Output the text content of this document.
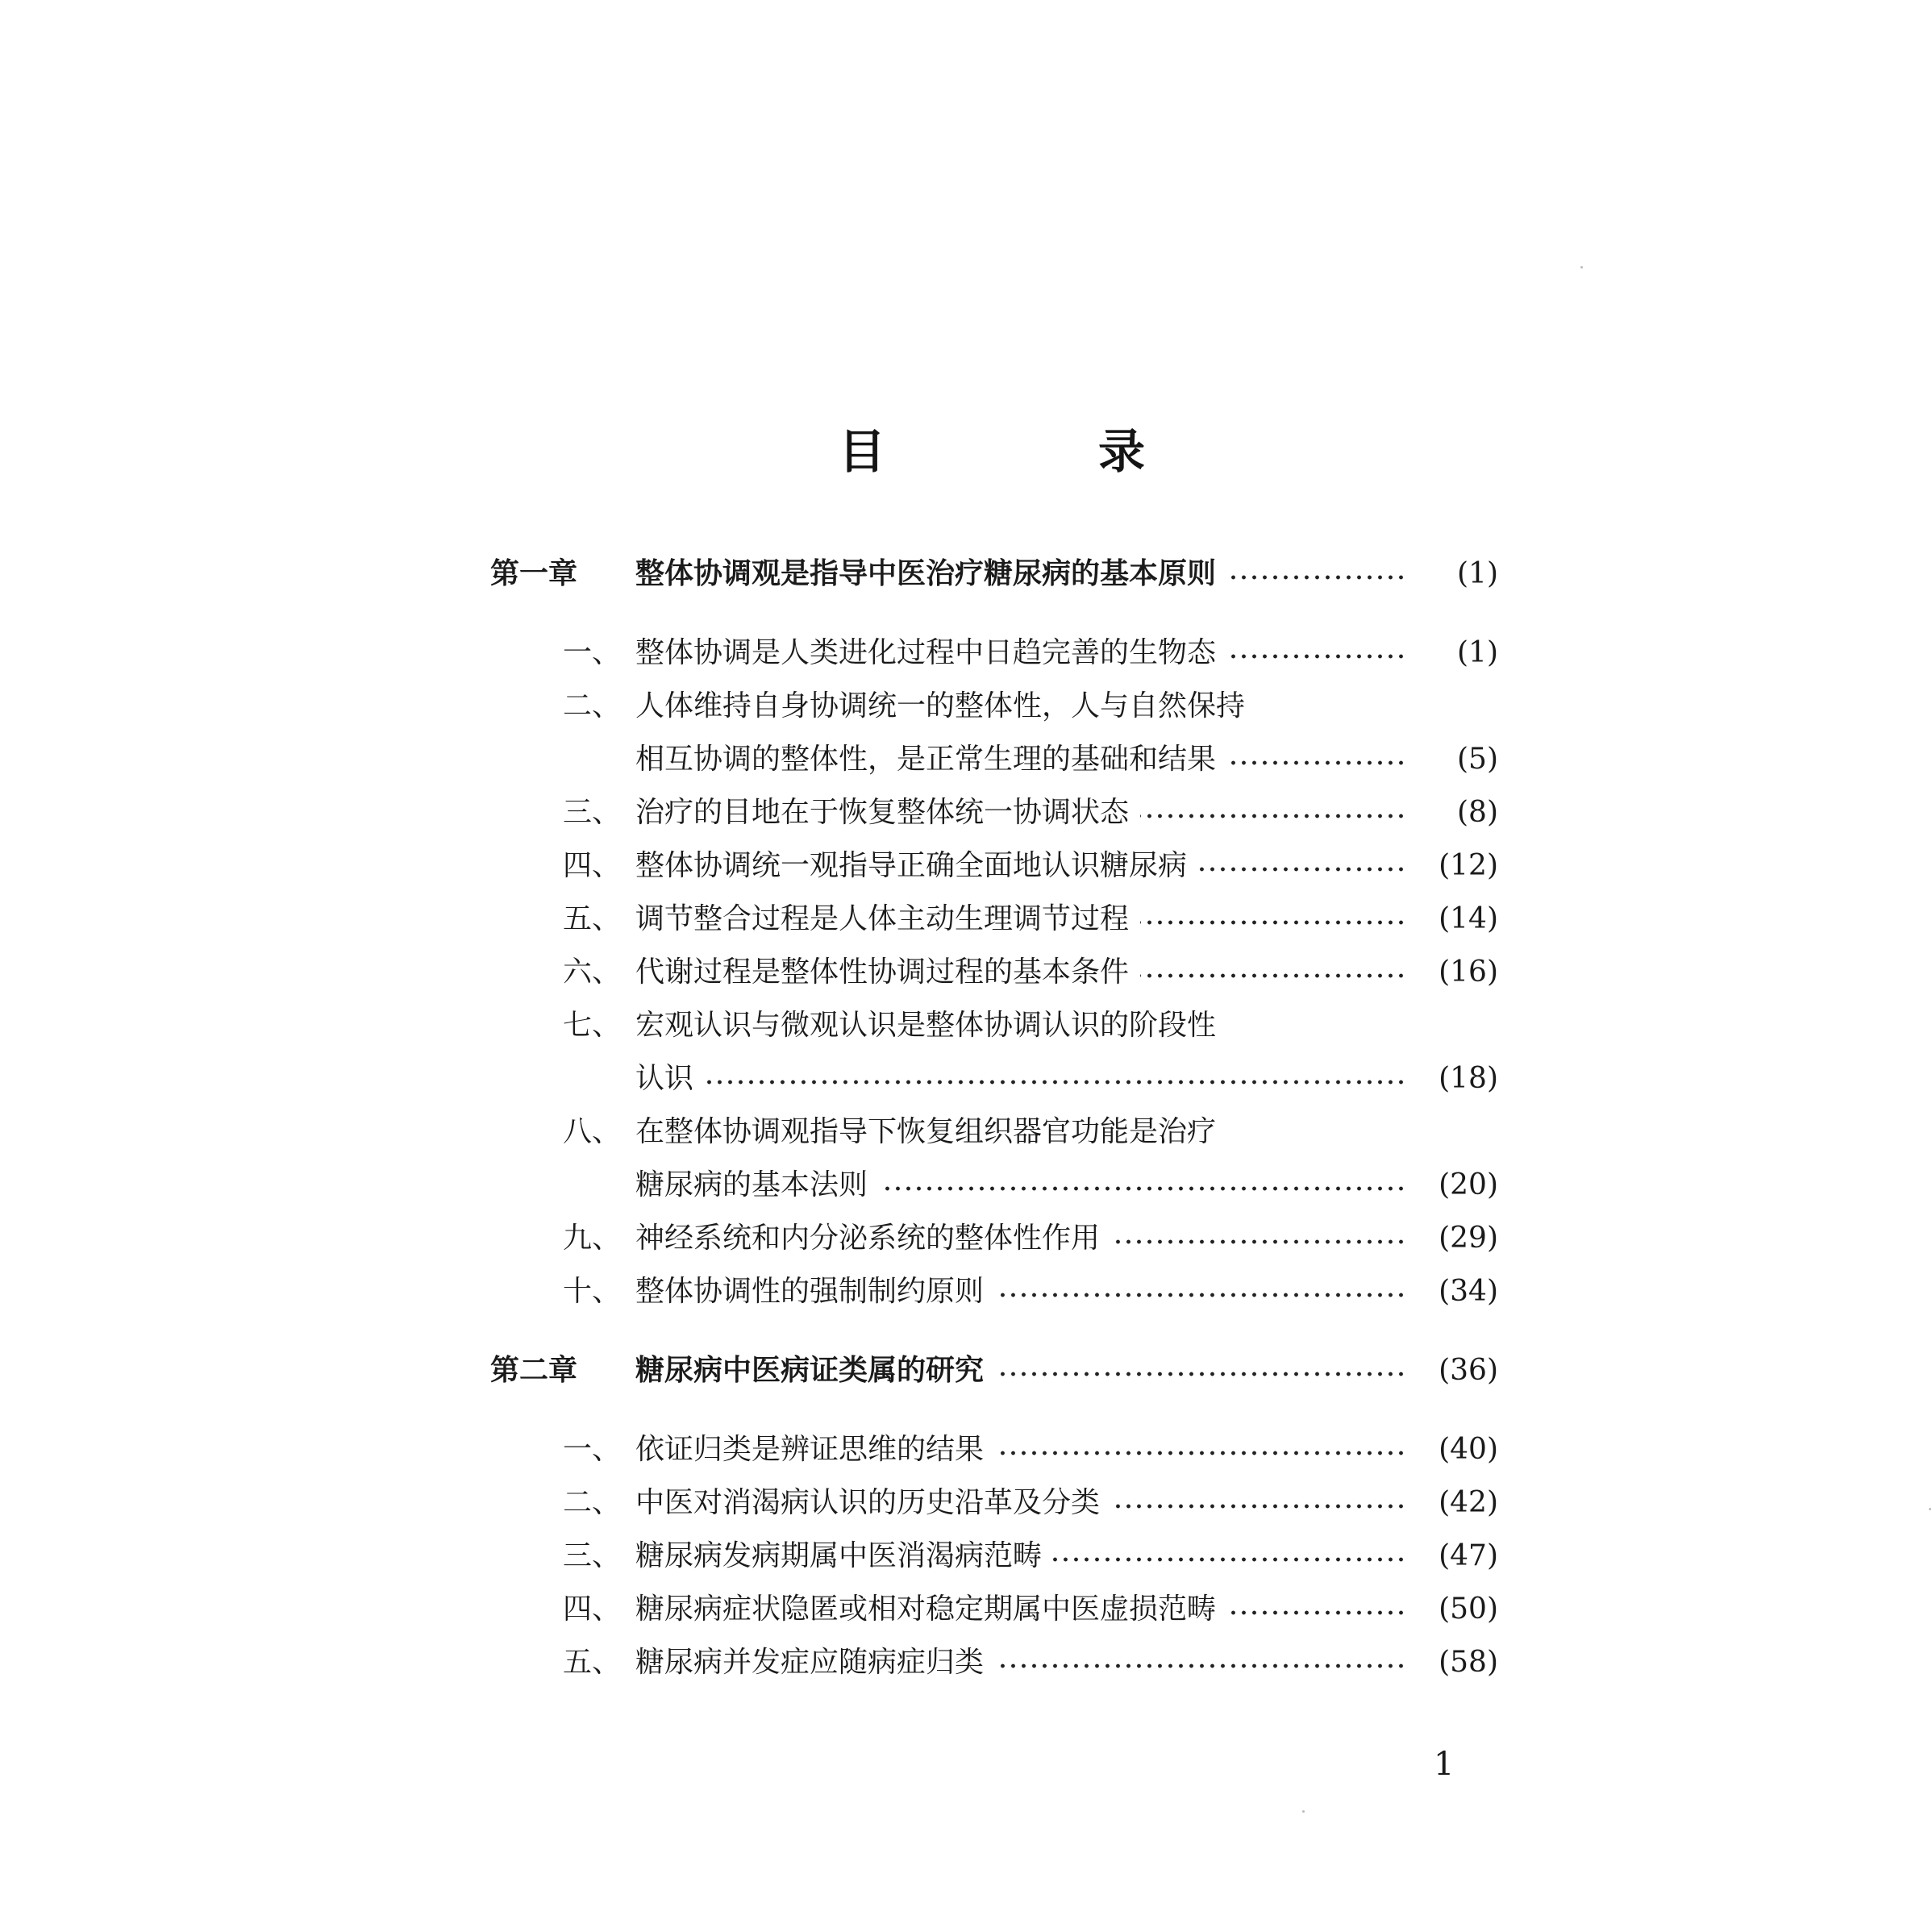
目	录
第一章	整体协调观是指导中医治疗糖尿病的基本原则	(1)
一、 整体协调是人类进化过程中日趋完善的生物态	(1)
二、 人体维持自身协调统一的整体性，人与自然保持
相互协调的整体性，是正常生理的基础和结果	(5)
三、 治疗的目地在于恢复整体统一协调状态	(8)
四、 整体协调统一观指导正确全面地认识糖尿病	(12)
五、 调节整合过程是人体主动生理调节过程	(14)
六、 代谢过程是整体性协调过程的基本条件	(16)
七、 宏观认识与微观认识是整体协调认识的阶段性
认识	(18)
八、 在整体协调观指导下恢复组织器官功能是治疗
糖尿病的基本法则	(20)
九、 神经系统和内分泌系统的整体性作用	(29)
十、 整体协调性的强制制约原则	(34)
第二章	糖尿病中医病证类属的研究	(36)
一、 依证归类是辨证思维的结果	(40)
二、 中医对消渴病认识的历史沿革及分类	(42)
三、 糖尿病发病期属中医消渴病范畴	(47)
四、 糖尿病症状隐匿或相对稳定期属中医虚损范畴	(50)
五、 糖尿病并发症应随病症归类	(58)
1
